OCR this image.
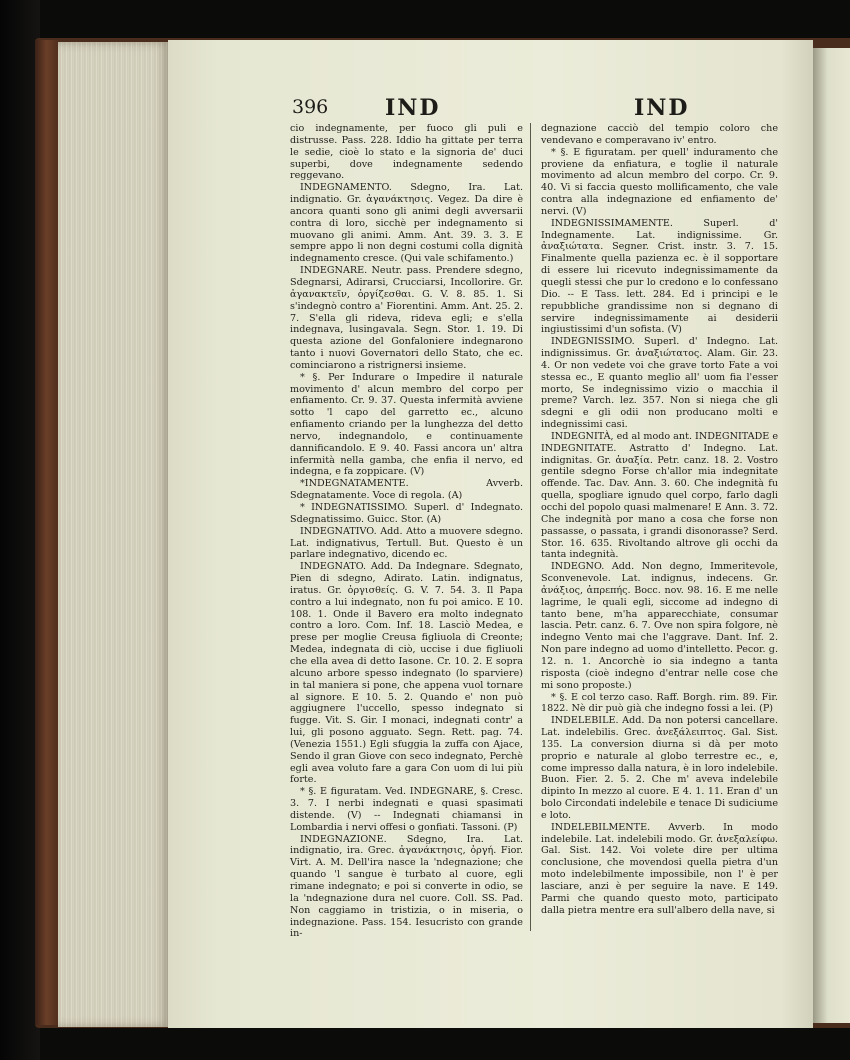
396	IND	IND

cio indegnamente, per fuoco gli puli e distrusse. Pass. 228. Iddio ha gittate per terra le sedie, cioè lo stato e la signoria de' duci superbi, dove indegnamente sedendo reggevano.

INDEGNAMENTO. Sdegno, Ira. Lat. indignatio. Gr. ἀγανάκτησις. Vegez. Da dire è ancora quanti sono gli animi degli avversarii contra di loro, sicchè per indegnamento si muovano gli animi. Amm. Ant. 39. 3. 3. E sempre appo li non degni costumi colla dignità indegnamento cresce. (Qui vale schifamento.)

INDEGNARE. Neutr. pass. Prendere sdegno, Sdegnarsi, Adirarsi, Crucciarsi, Incollorire. Gr. ἀγανακτεῖν, ὀργίζεσθαι. G. V. 8. 85. 1. Si s'indegnò contro a' Fiorentini. Amm. Ant. 25. 2. 7. S'ella gli rideva, rideva egli; e s'ella indegnava, lusingavala. Segn. Stor. 1. 19. Di questa azione del Gonfaloniere indegnarono tanto i nuovi Governatori dello Stato, che ec. cominciarono a ristrignersi insieme.

* §. Per Indurare o Impedire il naturale movimento d' alcun membro del corpo per enfiamento. Cr. 9. 37. Questa infermità avviene sotto 'l capo del garretto ec., alcuno enfiamento criando per la lunghezza del detto nervo, indegnandolo, e continuamente dannificandolo. E 9. 40. Fassi ancora un' altra infermità nella gamba, che enfia il nervo, ed indegna, e fa zoppicare. (V)

*INDEGNATAMENTE. Avverb. Sdegnatamente. Voce di regola. (A)

* INDEGNATISSIMO. Superl. d' Indegnato. Sdegnatissimo. Guicc. Stor. (A)

INDEGNATIVO. Add. Atto a muovere sdegno. Lat. indignativus, Tertull. But. Questo è un parlare indegnativo, dicendo ec.

INDEGNATO. Add. Da Indegnare. Sdegnato, Pien di sdegno, Adirato. Latin. indignatus, iratus. Gr. ὀργισθείς. G. V. 7. 54. 3. Il Papa contro a lui indegnato, non fu poi amico. E 10. 108. 1. Onde il Bavero era molto indegnato contro a loro. Com. Inf. 18. Lasciò Medea, e prese per moglie Creusa figliuola di Creonte; Medea, indegnata di ciò, uccise i due figliuoli che ella avea di detto Iasone. Cr. 10. 2. E sopra alcuno arbore spesso indegnato (lo sparviere) in tal maniera si pone, che appena vuol tornare al signore. E 10. 5. 2. Quando e' non può aggiugnere l'uccello, spesso indegnato si fugge. Vit. S. Gir. I monaci, indegnati contr' a lui, gli posono agguato. Segn. Rett. pag. 74. (Venezia 1551.) Egli sfuggia la zuffa con Ajace, Sendo il gran Giove con seco indegnato, Perchè egli avea voluto fare a gara Con uom di lui più forte.

* §. E figuratam. Ved. INDEGNARE, §. Cresc. 3. 7. I nerbi indegnati e quasi spasimati distende. (V) -- Indegnati chiamansi in Lombardia i nervi offesi o gonfiati. Tassoni. (P)

INDEGNAZIONE. Sdegno, Ira. Lat. indignatio, ira. Grec. ἀγανάκτησις, ὀργή. Fior. Virt. A. M. Dell'ira nasce la 'ndegnazione; che quando 'l sangue è turbato al cuore, egli rimane indegnato; e poi si converte in odio, se la 'ndegnazione dura nel cuore. Coll. SS. Pad. Non caggiamo in tristizia, o in miseria, o indegnazione. Pass. 154. Iesucristo con grande in-

degnazione cacciò del tempio coloro che vendevano e comperavano iv' entro.

* §. E figuratam. per quell' induramento che proviene da enfiatura, e toglie il naturale movimento ad alcun membro del corpo. Cr. 9. 40. Vi si faccia questo mollificamento, che vale contra alla indegnazione ed enfiamento de' nervi. (V)

INDEGNISSIMAMENTE. Superl. d' Indegnamente. Lat. indignissime. Gr. ἀναξιώτατα. Segner. Crist. instr. 3. 7. 15. Finalmente quella pazienza ec. è il sopportare di essere lui ricevuto indegnissimamente da quegli stessi che pur lo credono e lo confessano Dio. -- E Tass. lett. 284. Ed i principi e le repubbliche grandissime non si degnano di servire indegnissimamente ai desiderii ingiustissimi d'un sofista. (V)

INDEGNISSIMO. Superl. d' Indegno. Lat. indignissimus. Gr. ἀναξιώτατος. Alam. Gir. 23. 4. Or non vedete voi che grave torto Fate a voi stessa ec., E quanto meglio all' uom fia l'esser morto, Se indegnissimo vizio o macchia il preme? Varch. lez. 357. Non si niega che gli sdegni e gli odii non producano molti e indegnissimi casi.

INDEGNITÀ, ed al modo ant. INDEGNITADE e INDEGNITATE. Astratto d' Indegno. Lat. indignitas. Gr. ἀναξία. Petr. canz. 18. 2. Vostro gentile sdegno Forse ch'allor mia indegnitate offende. Tac. Dav. Ann. 3. 60. Che indegnità fu quella, spogliare ignudo quel corpo, farlo dagli occhi del popolo quasi malmenare! E Ann. 3. 72. Che indegnità por mano a cosa che forse non passasse, o passata, i grandi disonorasse? Serd. Stor. 16. 635. Rivoltando altrove gli occhi da tanta indegnità.

INDEGNO. Add. Non degno, Immeritevole, Sconvenevole. Lat. indignus, indecens. Gr. ἀνάξιος, ἀπρεπής. Bocc. nov. 98. 16. E me nelle lagrime, le quali egli, siccome ad indegno di tanto bene, m'ha apparecchiate, consumar lascia. Petr. canz. 6. 7. Ove non spira folgore, nè indegno Vento mai che l'aggrave. Dant. Inf. 2. Non pare indegno ad uomo d'intelletto. Pecor. g. 12. n. 1. Ancorchè io sia indegno a tanta risposta (cioè indegno d'entrar nelle cose che mi sono proposte.)

* §. E col terzo caso. Raff. Borgh. rim. 89. Fir. 1822. Nè dir può già che indegno fossi a lei. (P)

INDELEBILE. Add. Da non potersi cancellare. Lat. indelebilis. Grec. ἀνεξάλειπτος. Gal. Sist. 135. La conversion diurna si dà per moto proprio e naturale al globo terrestre ec., e, come impresso dalla natura, è in loro indelebile. Buon. Fier. 2. 5. 2. Che m' aveva indelebile dipinto In mezzo al cuore. E 4. 1. 11. Eran d' un bolo Circondati indelebile e tenace Di sudiciume e loto.

INDELEBILMENTE. Avverb. In modo indelebile. Lat. indelebili modo. Gr. ἀνεξαλείφω. Gal. Sist. 142. Voi volete dire per ultima conclusione, che movendosi quella pietra d'un moto indelebilmente impossibile, non l' è per lasciare, anzi è per seguire la nave. E 149. Parmi che quando questo moto, participato dalla pietra mentre era sull'albero della nave, si
